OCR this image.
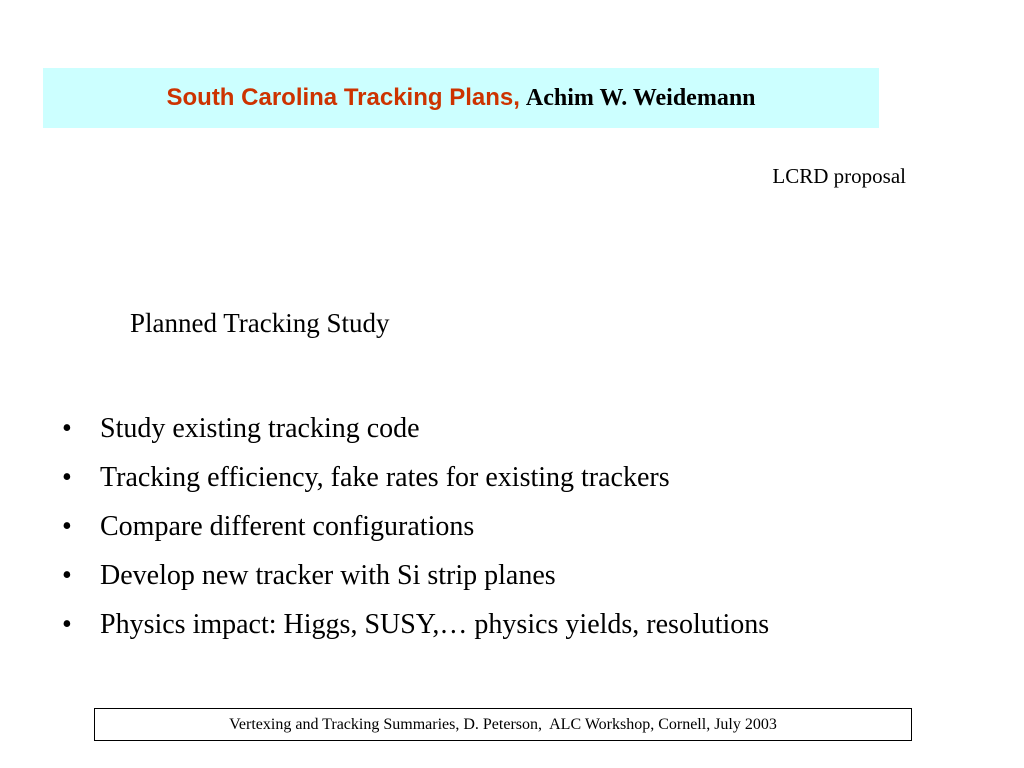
South Carolina Tracking Plans, Achim W. Weidemann
LCRD proposal
Planned Tracking Study
•	Study existing tracking code
•	Tracking efficiency, fake rates for existing trackers
•	Compare different configurations
•	Develop new tracker with Si strip planes
•	Physics impact: Higgs, SUSY,… physics yields, resolutions
Vertexing and Tracking Summaries, D. Peterson,  ALC Workshop, Cornell, July 2003
